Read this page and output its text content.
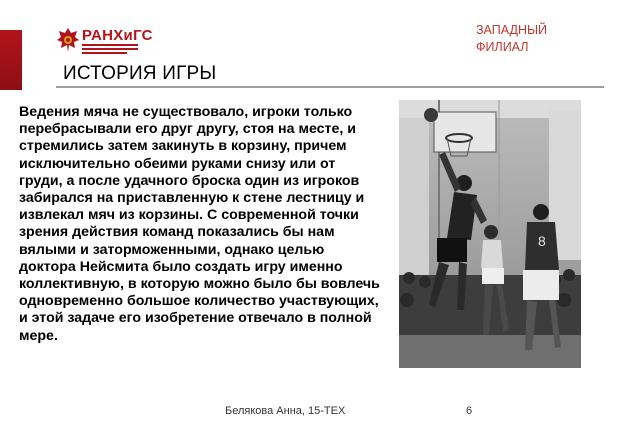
РАНХиГС	ЗАПАДНЫЙ
ФИЛИАЛ
ИСТОРИЯ ИГРЫ
Ведения мяча не существовало, игроки только перебрасывали его друг другу, стоя на месте, и стремились затем закинуть в корзину, причем исключительно обеими руками снизу или от груди, а после удачного броска один из игроков забирался на приставленную к стене лестницу и извлекал мяч из корзины. С современной точки зрения действия команд показались бы нам вялыми и заторможенными, однако целью доктора Нейсмита было создать игру именно коллективную, в которую можно было бы вовлечь одновременно большое количество участвующих, и этой задаче его изобретение отвечало в полной мере.
8
Белякова Анна, 15-ТЕХ	6
